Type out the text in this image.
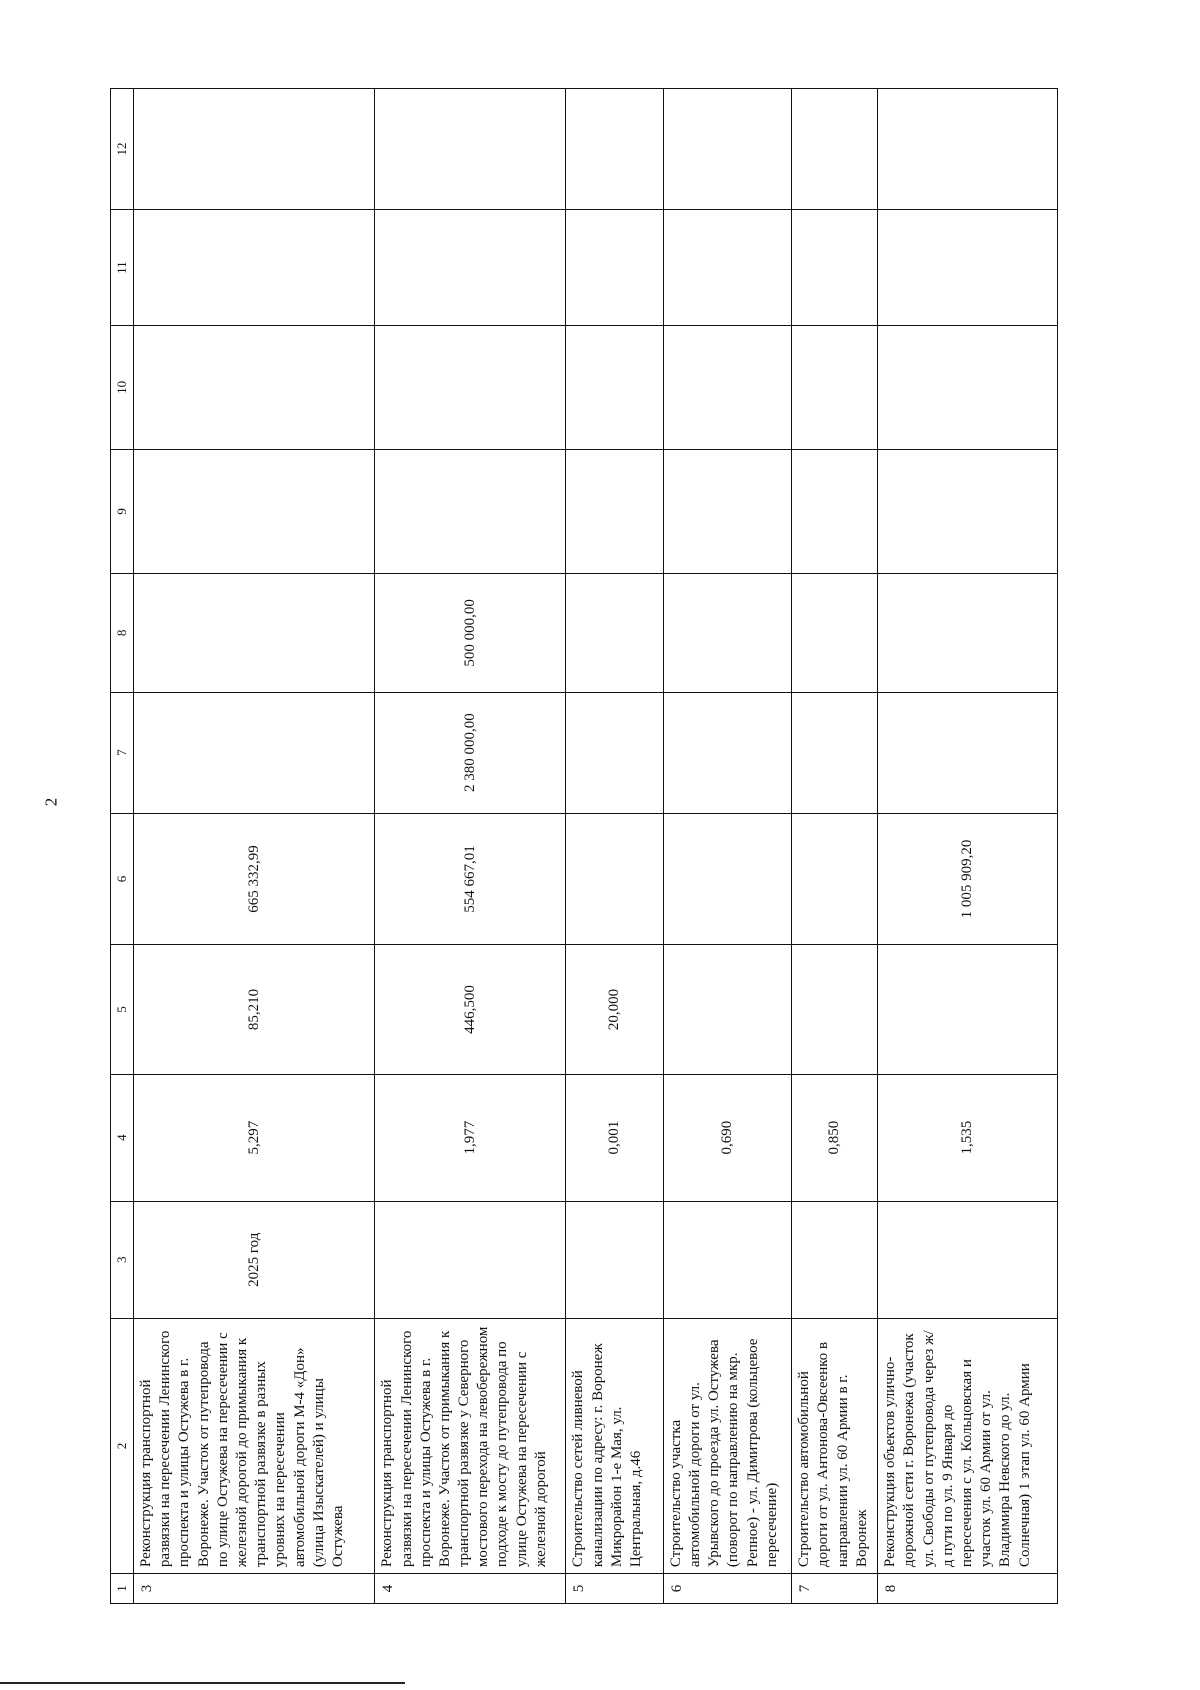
2
1	2	3	4	5	6	7	8	9	10	11	12
3	Реконструкция транспортной развязки на пересечении Ленинского проспекта и улицы Остужева в г. Воронеже. Участок от путепровода по улице Остужева на пересечении с железной дорогой до примыкания к транспортной развязке в разных уровнях на пересечении автомобильной дороги М-4 «Дон» (улица Изыскателей) и улицы Остужева	2025 год	5,297	85,210	665 332,99						
4	Реконструкция транспортной развязки на пересечении Ленинского проспекта и улицы Остужева в г. Воронеже. Участок от примыкания к транспортной развязке у Северного мостового перехода на левобережном подходе к мосту до путепровода по улице Остужева на пересечении с железной дорогой		1,977	446,500	554 667,01	2 380 000,00	500 000,00				
5	Строительство сетей ливневой канализации по адресу: г. Воронеж Микрорайон 1-е Мая, ул. Центральная, д.46		0,001	20,000							
6	Строительство участка автомобильной дороги от ул. Урывского до проезда ул. Остужева (поворот по направлению на мкр. Репное) - ул. Димитрова (кольцевое пересечение)		0,690								
7	Строительство автомобильной дороги от ул. Антонова-Овсеенко в направлении ул. 60 Армии в г. Воронеж		0,850								
8	Реконструкция объектов улично-дорожной сети г. Воронежа (участок ул. Свободы от путепровода через ж/д пути по ул. 9 Января до пересечения с ул. Кольцовская и участок ул. 60 Армии от ул. Владимира Невского до ул. Солнечная) 1 этап ул. 60 Армии		1,535		1 005 909,20						
